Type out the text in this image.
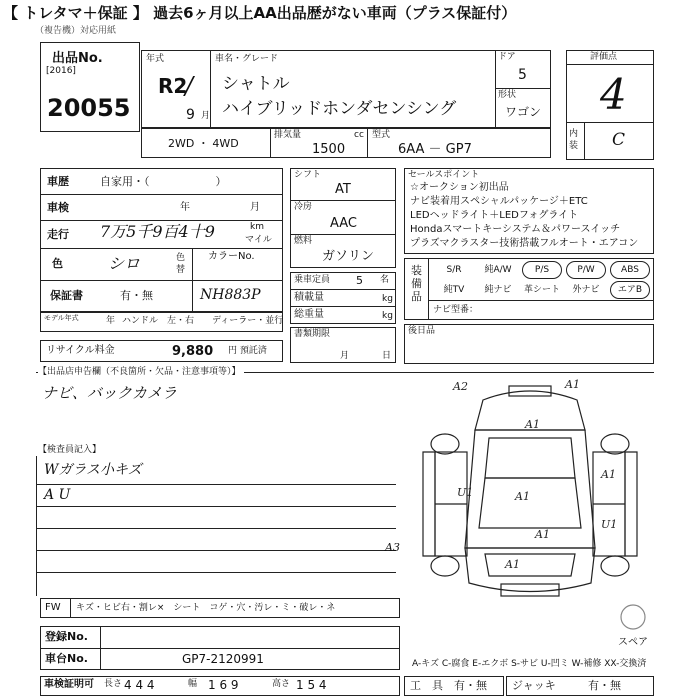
【 トレタマ＋保証 】 過去6ヶ月以上AA出品歴がない車両（プラス保証付）
（複告機）対応用紙
出品No.
[2016]
20055
年式
R2
/
9 月
車名・グレード
シャトル
ハイブリッドホンダセンシング
ドア
5
形状
ワゴン
評価点
4
内装 C
2WD ・ 4WD
排気量	cc
1500
型式
6AA － GP7
車歴	自家用・（　　　　　　）
車検	年	月
走行 7万5千9百4十9	km
マイル
色	シロ	色替
カラーNo.
NH883P
保証書	有・無
モデル年式	年 ハンドル　左・右 ディーラー・並行
リサイクル料金	9,880 円 預託済
シフト
AT
冷房
AAC
燃料
ガソリン
乗車定員 5 名
積載量	kg
総重量	kg
書類期限
月	日
セールスポイント
☆オークション初出品
ナビ装着用スペシャルパッケージ＋ETC
LEDヘッドライト＋LEDフォグライト
Hondaスマートキーシステム＆パワースイッチ
プラズマクラスター技術搭載フルオート・エアコン
装備品
S/R	純A/W	P/S	P/W	ABS
純TV	純ナビ	革シート	外ナビ	エアB
ナビ型番：
後日品
【出品店申告欄（不良箇所・欠品・注意事項等）】
ナビ、バックカメラ
【検査員記入】
Wガラス小キズ
A U
A2
A1
U1	A1
A1
U1
A1
A1
A1
A3
スペア
FW キズ・ヒビ右・割レ×　シート　コゲ・穴・汚レ・ミ・破レ・ネ
登録No.
車台No.	GP7-2120991	A-キズ C-腐食 E-エクボ S-サビ U-凹ミ W-補修 XX-交換済
車検証明可 長さ 4 4 4	幅 1 6 9	高さ 1 5 4	工　具 有・無 ジャッキ	有・無
